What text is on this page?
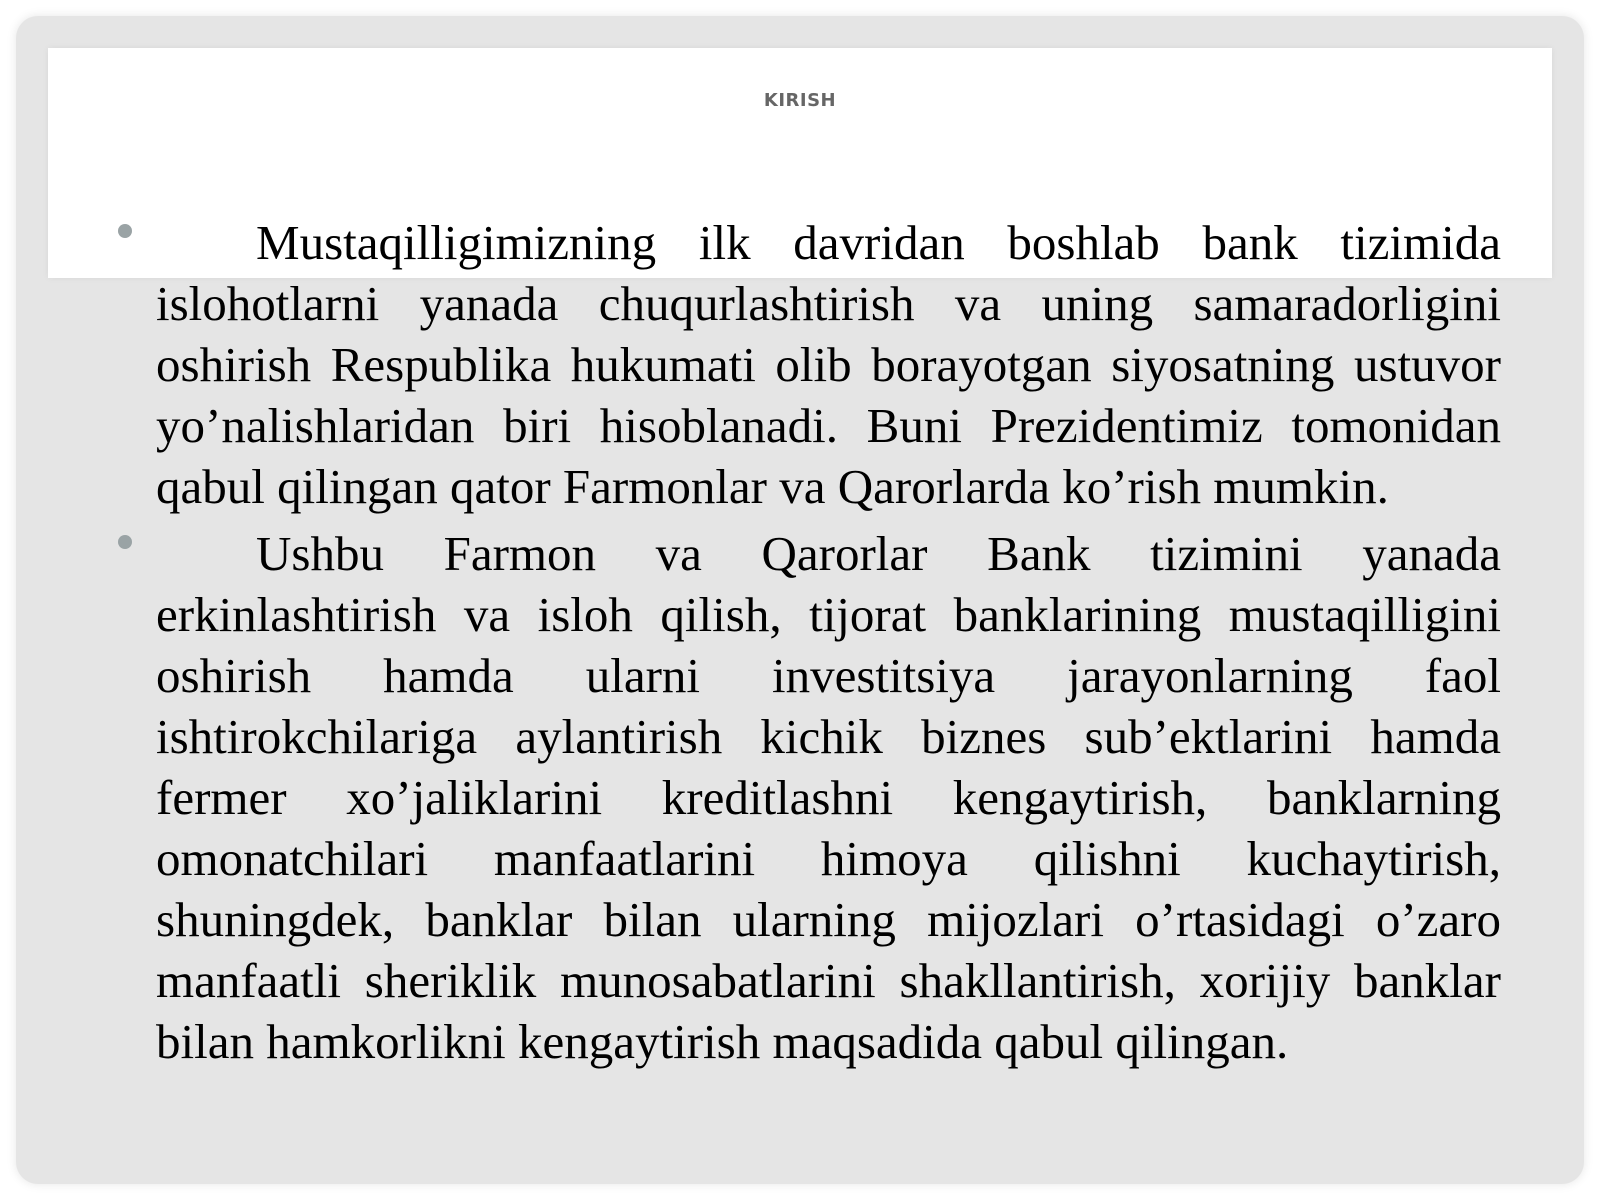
KIRISH

Mustaqilligimizning ilk davridan boshlab bank tizimida islohotlarni yanada chuqurlashtirish va uning samaradorligini oshirish Respublika hukumati olib borayotgan siyosatning ustuvor yo’nalishlaridan biri hisoblanadi. Buni Prezidentimiz tomonidan qabul qilingan qator Farmonlar va Qarorlarda ko’rish mumkin.

Ushbu Farmon va Qarorlar Bank tizimini yanada erkinlashtirish va isloh qilish, tijorat banklarining mustaqilligini oshirish hamda ularni investitsiya jarayonlarning faol ishtirokchilariga aylantirish kichik biznes sub’ektlarini hamda fermer xo’jaliklarini kreditlashni kengaytirish, banklarning omonatchilari manfaatlarini himoya qilishni kuchaytirish, shuningdek, banklar bilan ularning mijozlari o’rtasidagi o’zaro manfaatli sheriklik munosabatlarini shakllantirish, xorijiy banklar bilan hamkorlikni kengaytirish maqsadida qabul qilingan.
